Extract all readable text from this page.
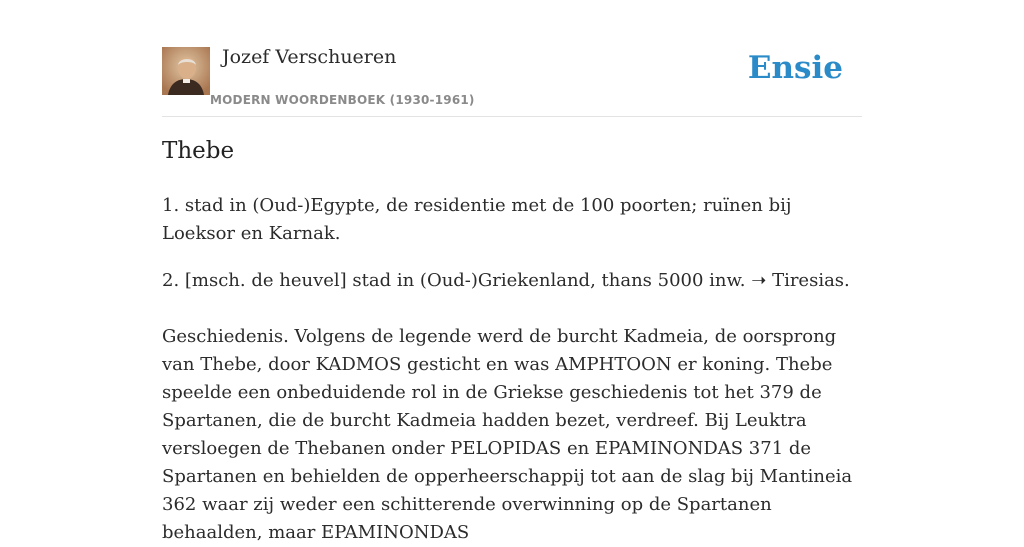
Jozef Verschueren
MODERN WOORDENBOEK (1930-1961)
Ensie
Thebe

1. stad in (Oud-)Egypte, de residentie met de 100 poorten; ruïnen bij Loeksor en Karnak.

2. [msch. de heuvel] stad in (Oud-)Griekenland, thans 5000 inw. ➝ Tiresias.

Geschiedenis. Volgens de legende werd de burcht Kadmeia, de oorsprong van Thebe, door KADMOS gesticht en was AMPHTOON er koning. Thebe speelde een onbeduidende rol in de Griekse geschiedenis tot het 379 de Spartanen, die de burcht Kadmeia hadden bezet, verdreef. Bij Leuktra versloegen de Thebanen onder PELOPIDAS en EPAMINONDAS 371 de Spartanen en behielden de opperheerschappij tot aan de slag bij Mantineia 362 waar zij weder een schitterende overwinning op de Spartanen behaalden, maar EPAMINONDAS
